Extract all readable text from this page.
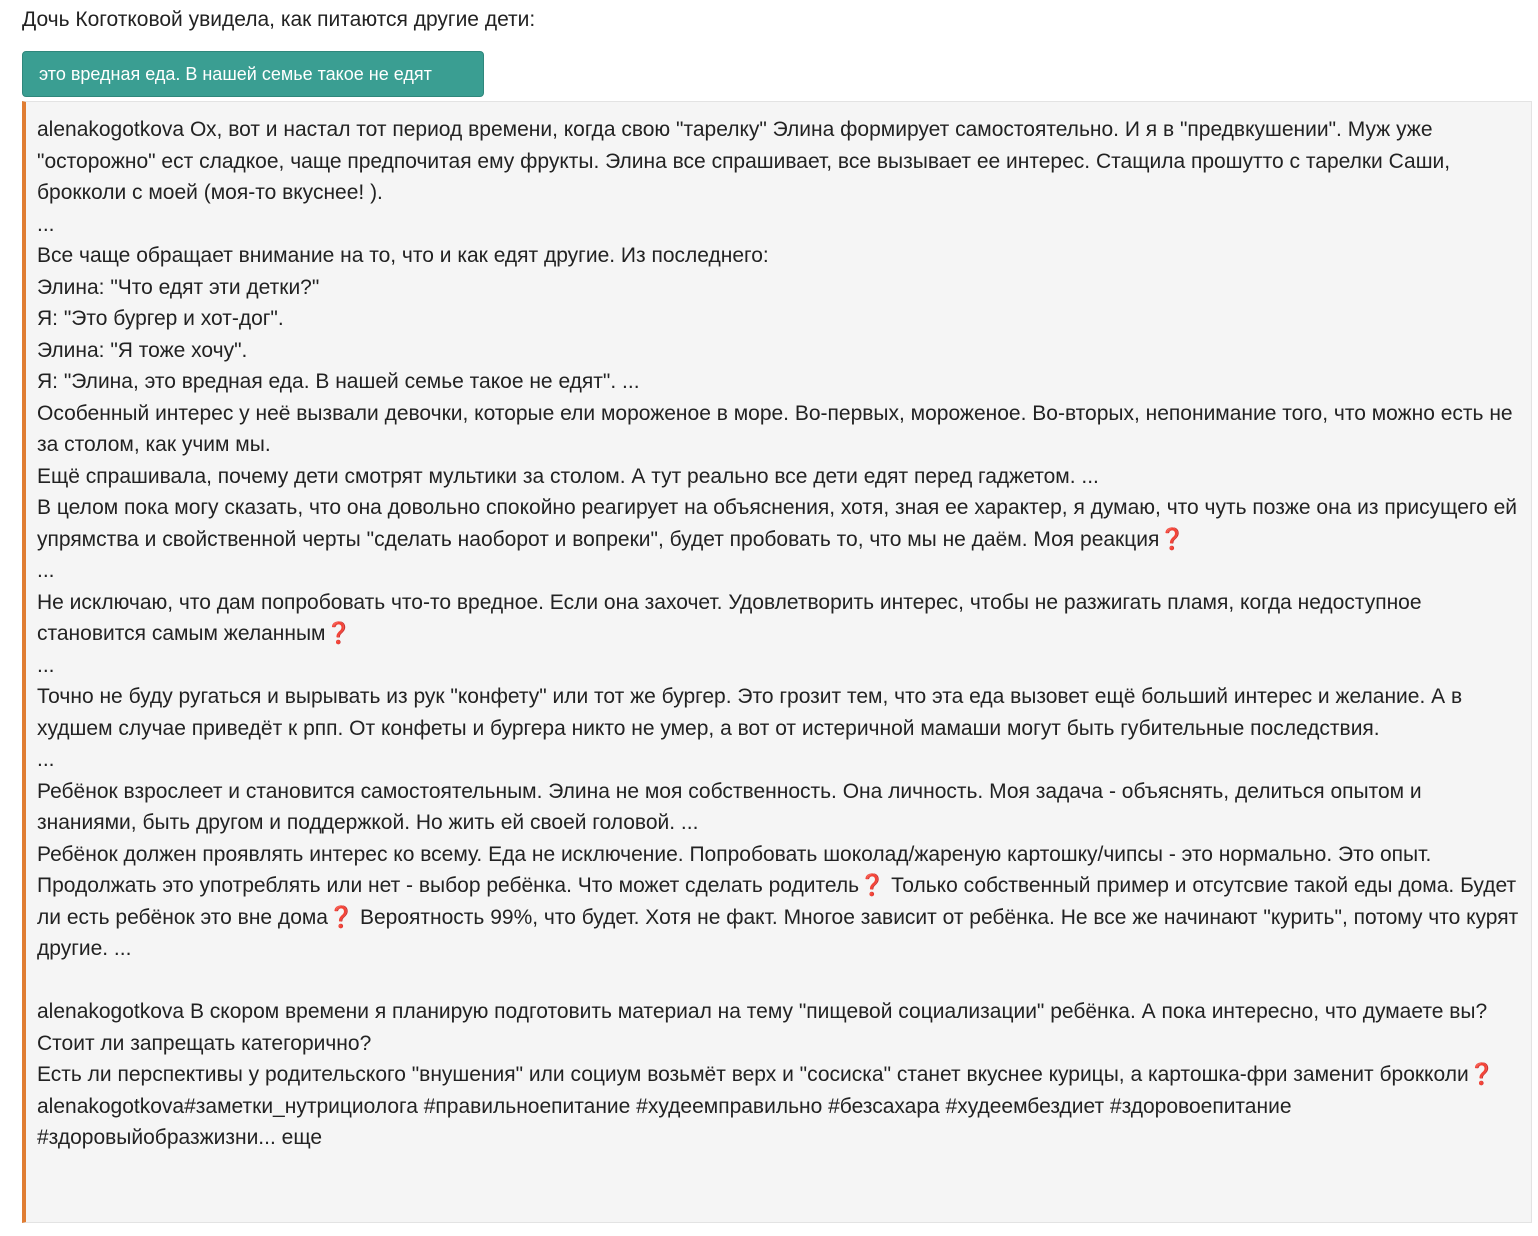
Дочь Коготковой увидела, как питаются другие дети:
это вредная еда. В нашей семье такое не едят

alenakogotkova Ох, вот и настал тот период времени, когда свою "тарелку" Элина формирует самостоятельно. И я в "предвкушении". Муж уже "осторожно" ест сладкое, чаще предпочитая ему фрукты. Элина все спрашивает, все вызывает ее интерес. Стащила прошутто с тарелки Саши, брокколи с моей (моя-то вкуснее! ).

...

Все чаще обращает внимание на то, что и как едят другие. Из последнего:

Элина: "Что едят эти детки?"

Я: "Это бургер и хот-дог".

Элина: "Я тоже хочу".

Я: "Элина, это вредная еда. В нашей семье такое не едят". ...

Особенный интерес у неё вызвали девочки, которые ели мороженое в море. Во-первых, мороженое. Во-вторых, непонимание того, что можно есть не за столом, как учим мы.

Ещё спрашивала, почему дети смотрят мультики за столом. А тут реально все дети едят перед гаджетом. ...

В целом пока могу сказать, что она довольно спокойно реагирует на объяснения, хотя, зная ее характер, я думаю, что чуть позже она из присущего ей упрямства и свойственной черты "сделать наоборот и вопреки", будет пробовать то, что мы не даём. Моя реакция❓

...

Не исключаю, что дам попробовать что-то вредное. Если она захочет. Удовлетворить интерес, чтобы не разжигать пламя, когда недоступное становится самым желанным❓

...

Точно не буду ругаться и вырывать из рук "конфету" или тот же бургер. Это грозит тем, что эта еда вызовет ещё больший интерес и желание. А в худшем случае приведёт к рпп. От конфеты и бургера никто не умер, а вот от истеричной мамаши могут быть губительные последствия.

...

Ребёнок взрослеет и становится самостоятельным. Элина не моя собственность. Она личность. Моя задача - объяснять, делиться опытом и знаниями, быть другом и поддержкой. Но жить ей своей головой. ...

Ребёнок должен проявлять интерес ко всему. Еда не исключение. Попробовать шоколад/жареную картошку/чипсы - это нормально. Это опыт. Продолжать это употреблять или нет - выбор ребёнка. Что может сделать родитель❓ Только собственный пример и отсутсвие такой еды дома. Будет ли есть ребёнок это вне дома❓ Вероятность 99%, что будет. Хотя не факт. Многое зависит от ребёнка. Не все же начинают "курить", потому что курят другие. ...

alenakogotkova В скором времени я планирую подготовить материал на тему "пищевой социализации" ребёнка. А пока интересно, что думаете вы? Стоит ли запрещать категорично?

Есть ли перспективы у родительского "внушения" или социум возьмёт верх и "сосиска" станет вкуснее курицы, а картошка-фри заменит брокколи❓

alenakogotkova#заметки_нутрициолога #правильноепитание #худеемправильно #безсахара #худеембездиет #здоровоепитание #здоровыйобразжизни... еще
